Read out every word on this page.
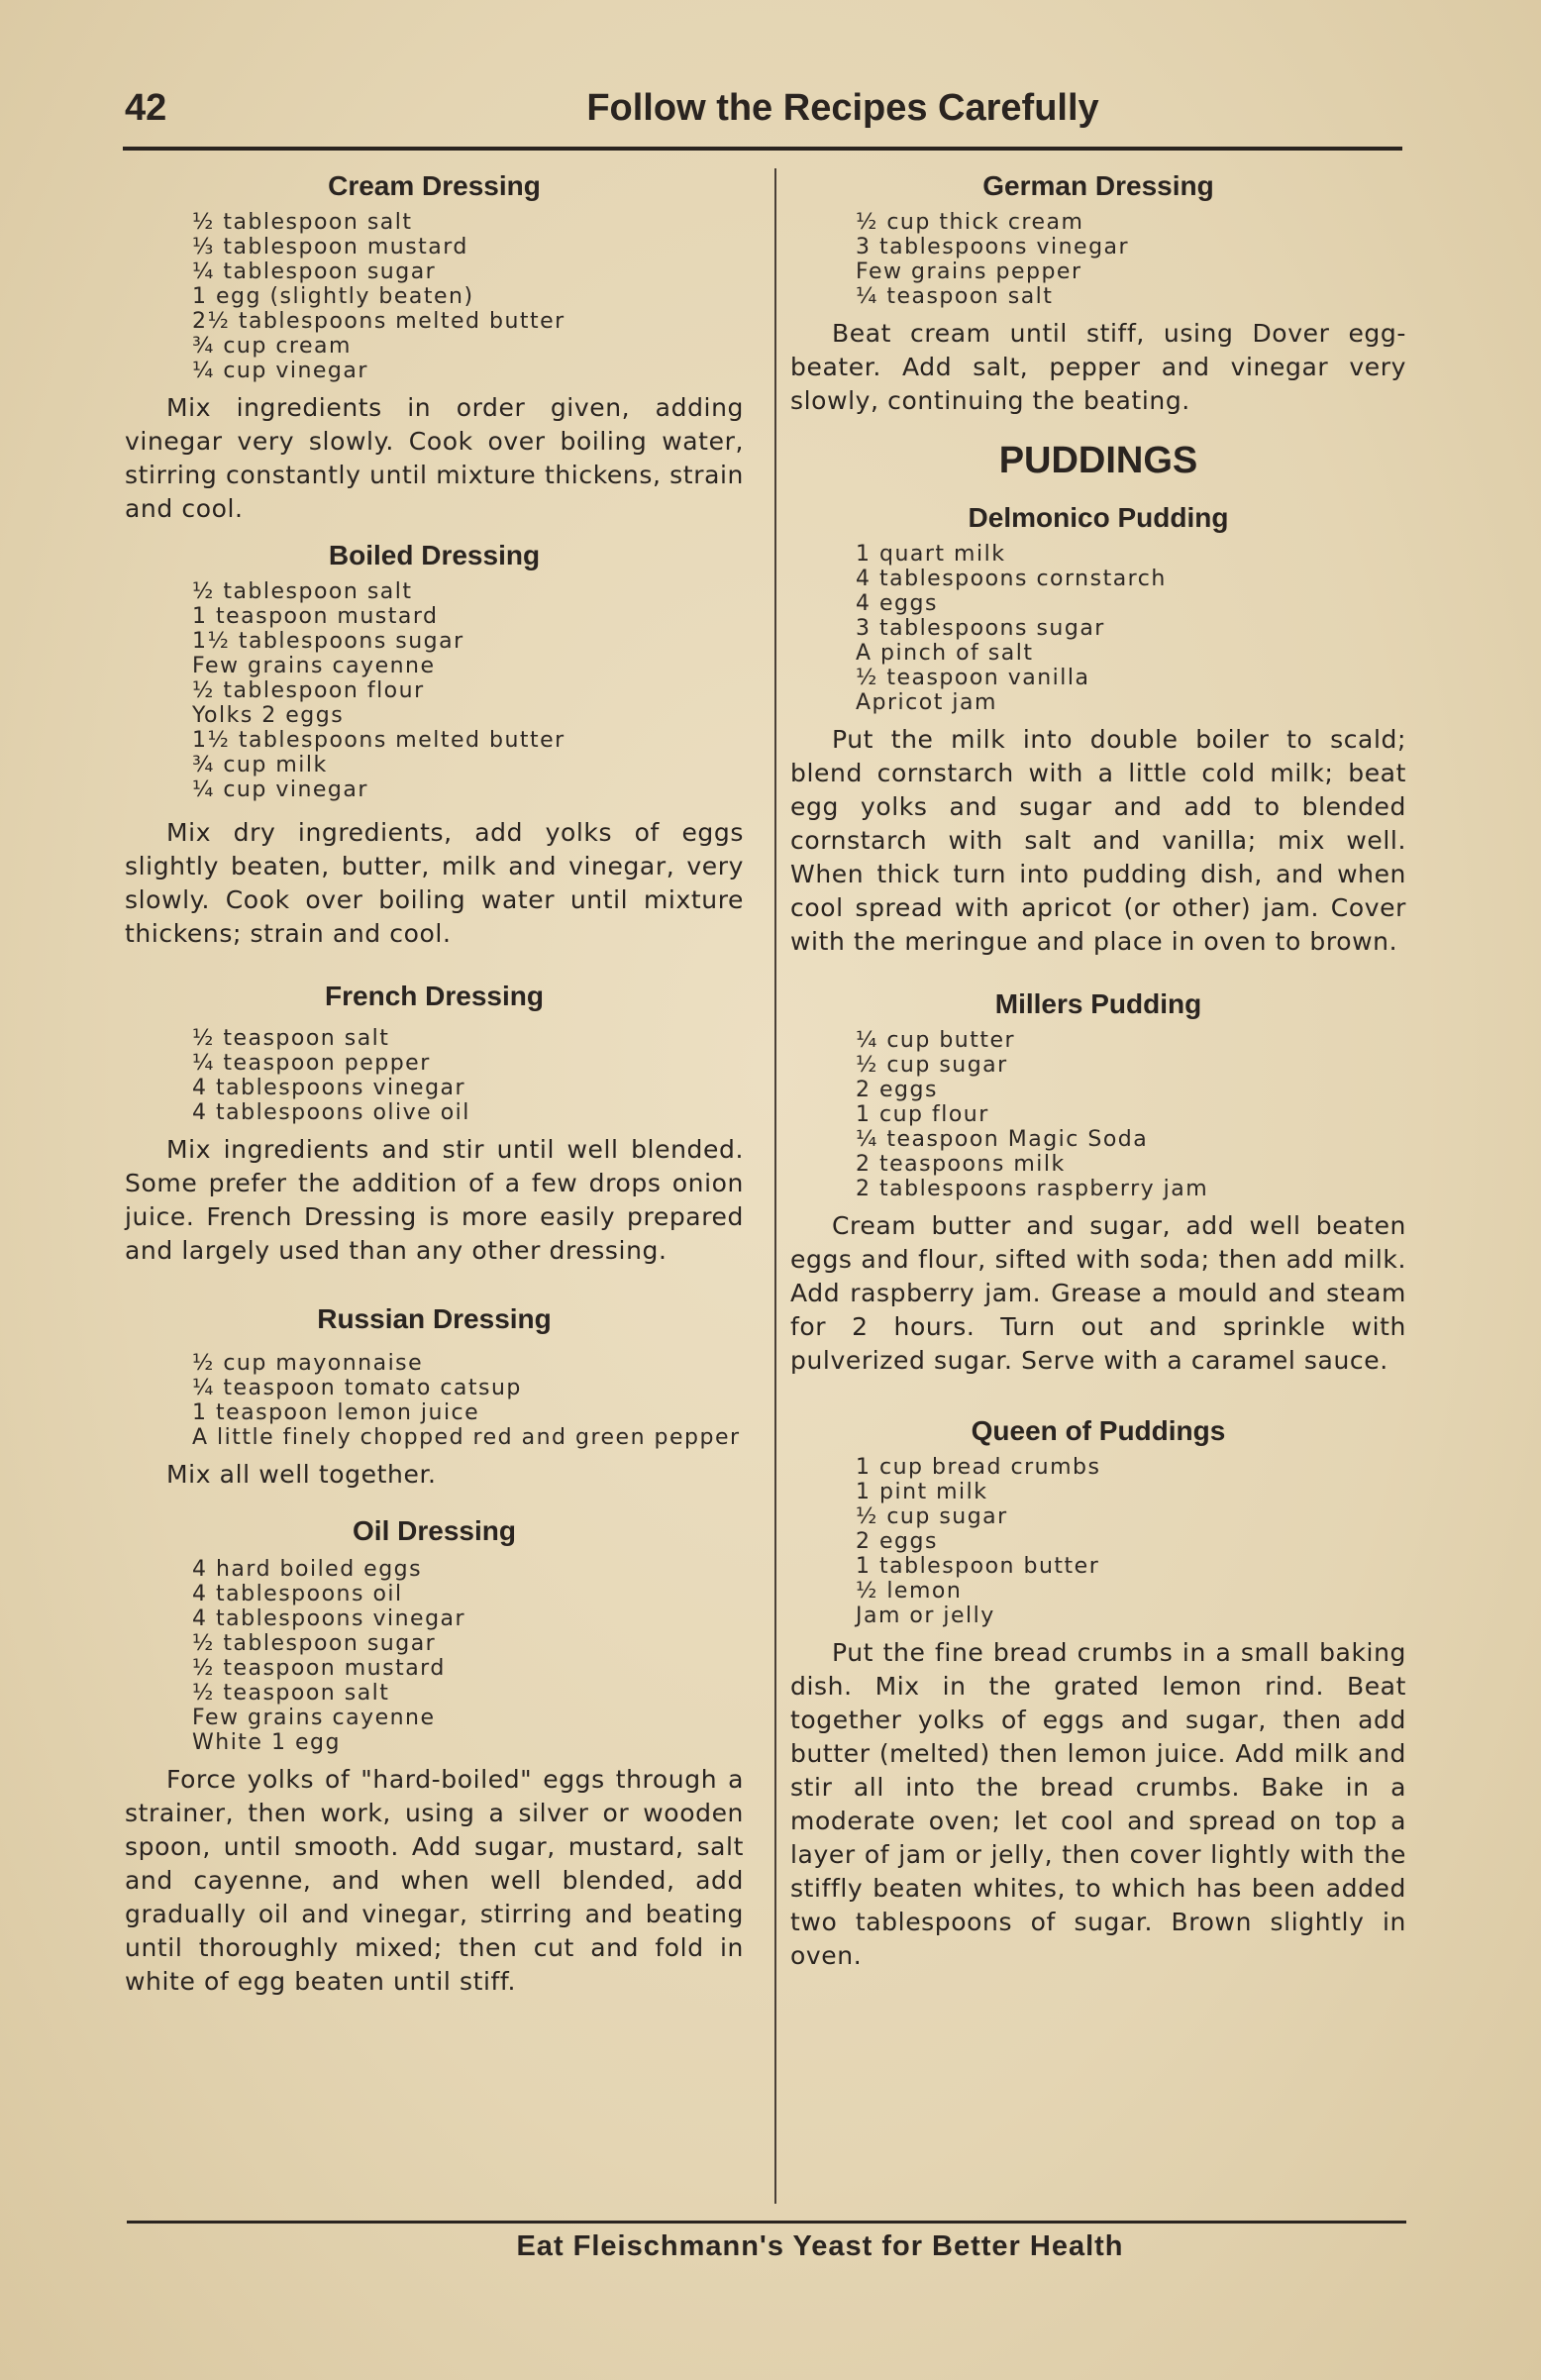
42	Follow the Recipes Carefully
Cream Dressing
½ tablespoon salt
⅓ tablespoon mustard
¼ tablespoon sugar
1 egg (slightly beaten)
2½ tablespoons melted butter
¾ cup cream
¼ cup vinegar

Mix ingredients in order given, adding vinegar very slowly. Cook over boiling water, stirring constantly until mixture thickens, strain and cool.

Boiled Dressing
½ tablespoon salt
1 teaspoon mustard
1½ tablespoons sugar
Few grains cayenne
½ tablespoon flour
Yolks 2 eggs
1½ tablespoons melted butter
¾ cup milk
¼ cup vinegar

Mix dry ingredients, add yolks of eggs slightly beaten, butter, milk and vinegar, very slowly. Cook over boiling water until mixture thickens; strain and cool.

French Dressing
½ teaspoon salt
¼ teaspoon pepper
4 tablespoons vinegar
4 tablespoons olive oil

Mix ingredients and stir until well blended. Some prefer the addition of a few drops onion juice. French Dressing is more easily prepared and largely used than any other dressing.

Russian Dressing
½ cup mayonnaise
¼ teaspoon tomato catsup
1 teaspoon lemon juice
A little finely chopped red and green pepper

Mix all well together.

Oil Dressing
4 hard boiled eggs
4 tablespoons oil
4 tablespoons vinegar
½ tablespoon sugar
½ teaspoon mustard
½ teaspoon salt
Few grains cayenne
White 1 egg

Force yolks of "hard-boiled" eggs through a strainer, then work, using a silver or wooden spoon, until smooth. Add sugar, mustard, salt and cayenne, and when well blended, add gradually oil and vinegar, stirring and beating until thoroughly mixed; then cut and fold in white of egg beaten until stiff.

German Dressing
½ cup thick cream
3 tablespoons vinegar
Few grains pepper
¼ teaspoon salt

Beat cream until stiff, using Dover egg-beater. Add salt, pepper and vinegar very slowly, continuing the beating.

PUDDINGS
Delmonico Pudding
1 quart milk
4 tablespoons cornstarch
4 eggs
3 tablespoons sugar
A pinch of salt
½ teaspoon vanilla
Apricot jam

Put the milk into double boiler to scald; blend cornstarch with a little cold milk; beat egg yolks and sugar and add to blended cornstarch with salt and vanilla; mix well. When thick turn into pudding dish, and when cool spread with apricot (or other) jam. Cover with the meringue and place in oven to brown.

Millers Pudding
¼ cup butter
½ cup sugar
2 eggs
1 cup flour
¼ teaspoon Magic Soda
2 teaspoons milk
2 tablespoons raspberry jam

Cream butter and sugar, add well beaten eggs and flour, sifted with soda; then add milk. Add raspberry jam. Grease a mould and steam for 2 hours. Turn out and sprinkle with pulverized sugar. Serve with a caramel sauce.

Queen of Puddings
1 cup bread crumbs
1 pint milk
½ cup sugar
2 eggs
1 tablespoon butter
½ lemon
Jam or jelly

Put the fine bread crumbs in a small baking dish. Mix in the grated lemon rind. Beat together yolks of eggs and sugar, then add butter (melted) then lemon juice. Add milk and stir all into the bread crumbs. Bake in a moderate oven; let cool and spread on top a layer of jam or jelly, then cover lightly with the stiffly beaten whites, to which has been added two tablespoons of sugar. Brown slightly in oven.

Eat Fleischmann's Yeast for Better Health
